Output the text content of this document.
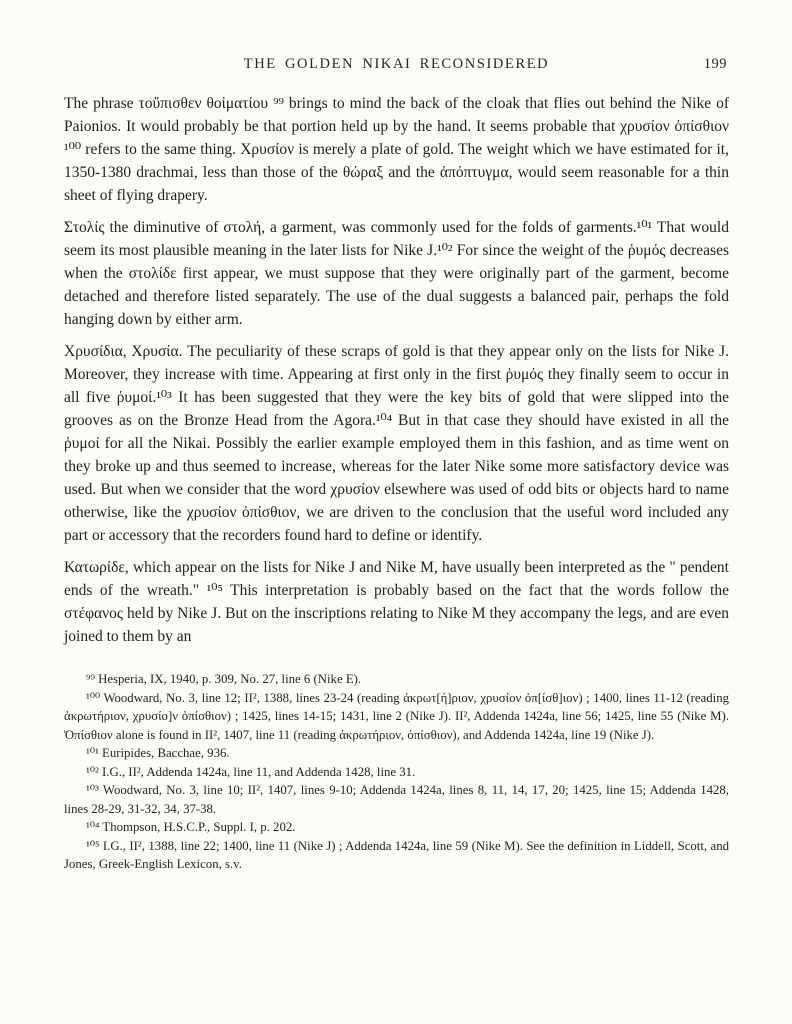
THE GOLDEN NIKAI RECONSIDERED	199

The phrase τοὔπισθεν θοἰματίου ⁹⁹ brings to mind the back of the cloak that flies out behind the Nike of Paionios. It would probably be that portion held up by the hand. It seems probable that χρυσίον ὀπίσθιον ¹⁰⁰ refers to the same thing. Χρυσίον is merely a plate of gold. The weight which we have estimated for it, 1350-1380 drachmai, less than those of the θώραξ and the ἀπόπτυγμα, would seem reasonable for a thin sheet of flying drapery.

Στολίς the diminutive of στολή, a garment, was commonly used for the folds of garments.¹⁰¹ That would seem its most plausible meaning in the later lists for Nike J.¹⁰² For since the weight of the ῥυμός decreases when the στολίδε first appear, we must suppose that they were originally part of the garment, become detached and therefore listed separately. The use of the dual suggests a balanced pair, perhaps the fold hanging down by either arm.

Χρυσίδια, Χρυσία. The peculiarity of these scraps of gold is that they appear only on the lists for Nike J. Moreover, they increase with time. Appearing at first only in the first ῥυμός they finally seem to occur in all five ῥυμοί.¹⁰³ It has been suggested that they were the key bits of gold that were slipped into the grooves as on the Bronze Head from the Agora.¹⁰⁴ But in that case they should have existed in all the ῥυμοί for all the Nikai. Possibly the earlier example employed them in this fashion, and as time went on they broke up and thus seemed to increase, whereas for the later Nike some more satisfactory device was used. But when we consider that the word χρυσίον elsewhere was used of odd bits or objects hard to name otherwise, like the χρυσίον ὀπίσθιον, we are driven to the conclusion that the useful word included any part or accessory that the recorders found hard to define or identify.

Κατωρίδε, which appear on the lists for Nike J and Nike M, have usually been interpreted as the " pendent ends of the wreath." ¹⁰⁵ This interpretation is probably based on the fact that the words follow the στέφανος held by Nike J. But on the inscriptions relating to Nike M they accompany the legs, and are even joined to them by an

⁹⁹ Hesperia, IX, 1940, p. 309, No. 27, line 6 (Nike E).

¹⁰⁰ Woodward, No. 3, line 12; II², 1388, lines 23-24 (reading ἀκρωτ[ή]ριον, χρυσίον ὀπ[ίσθ]ιον) ; 1400, lines 11-12 (reading ἀκρωτήριον, χρυσίο]ν ὀπίσθιον) ; 1425, lines 14-15; 1431, line 2 (Nike J). II², Addenda 1424a, line 56; 1425, line 55 (Nike M). Ὀπίσθιον alone is found in II², 1407, line 11 (reading ἀκρωτήριον, ὀπίσθιον), and Addenda 1424a, line 19 (Nike J).

¹⁰¹ Euripides, Bacchae, 936.

¹⁰² I.G., II², Addenda 1424a, line 11, and Addenda 1428, line 31.

¹⁰³ Woodward, No. 3, line 10; II², 1407, lines 9-10; Addenda 1424a, lines 8, 11, 14, 17, 20; 1425, line 15; Addenda 1428, lines 28-29, 31-32, 34, 37-38.

¹⁰⁴ Thompson, H.S.C.P., Suppl. I, p. 202.

¹⁰⁵ I.G., II², 1388, line 22; 1400, line 11 (Nike J) ; Addenda 1424a, line 59 (Nike M). See the definition in Liddell, Scott, and Jones, Greek-English Lexicon, s.v.
